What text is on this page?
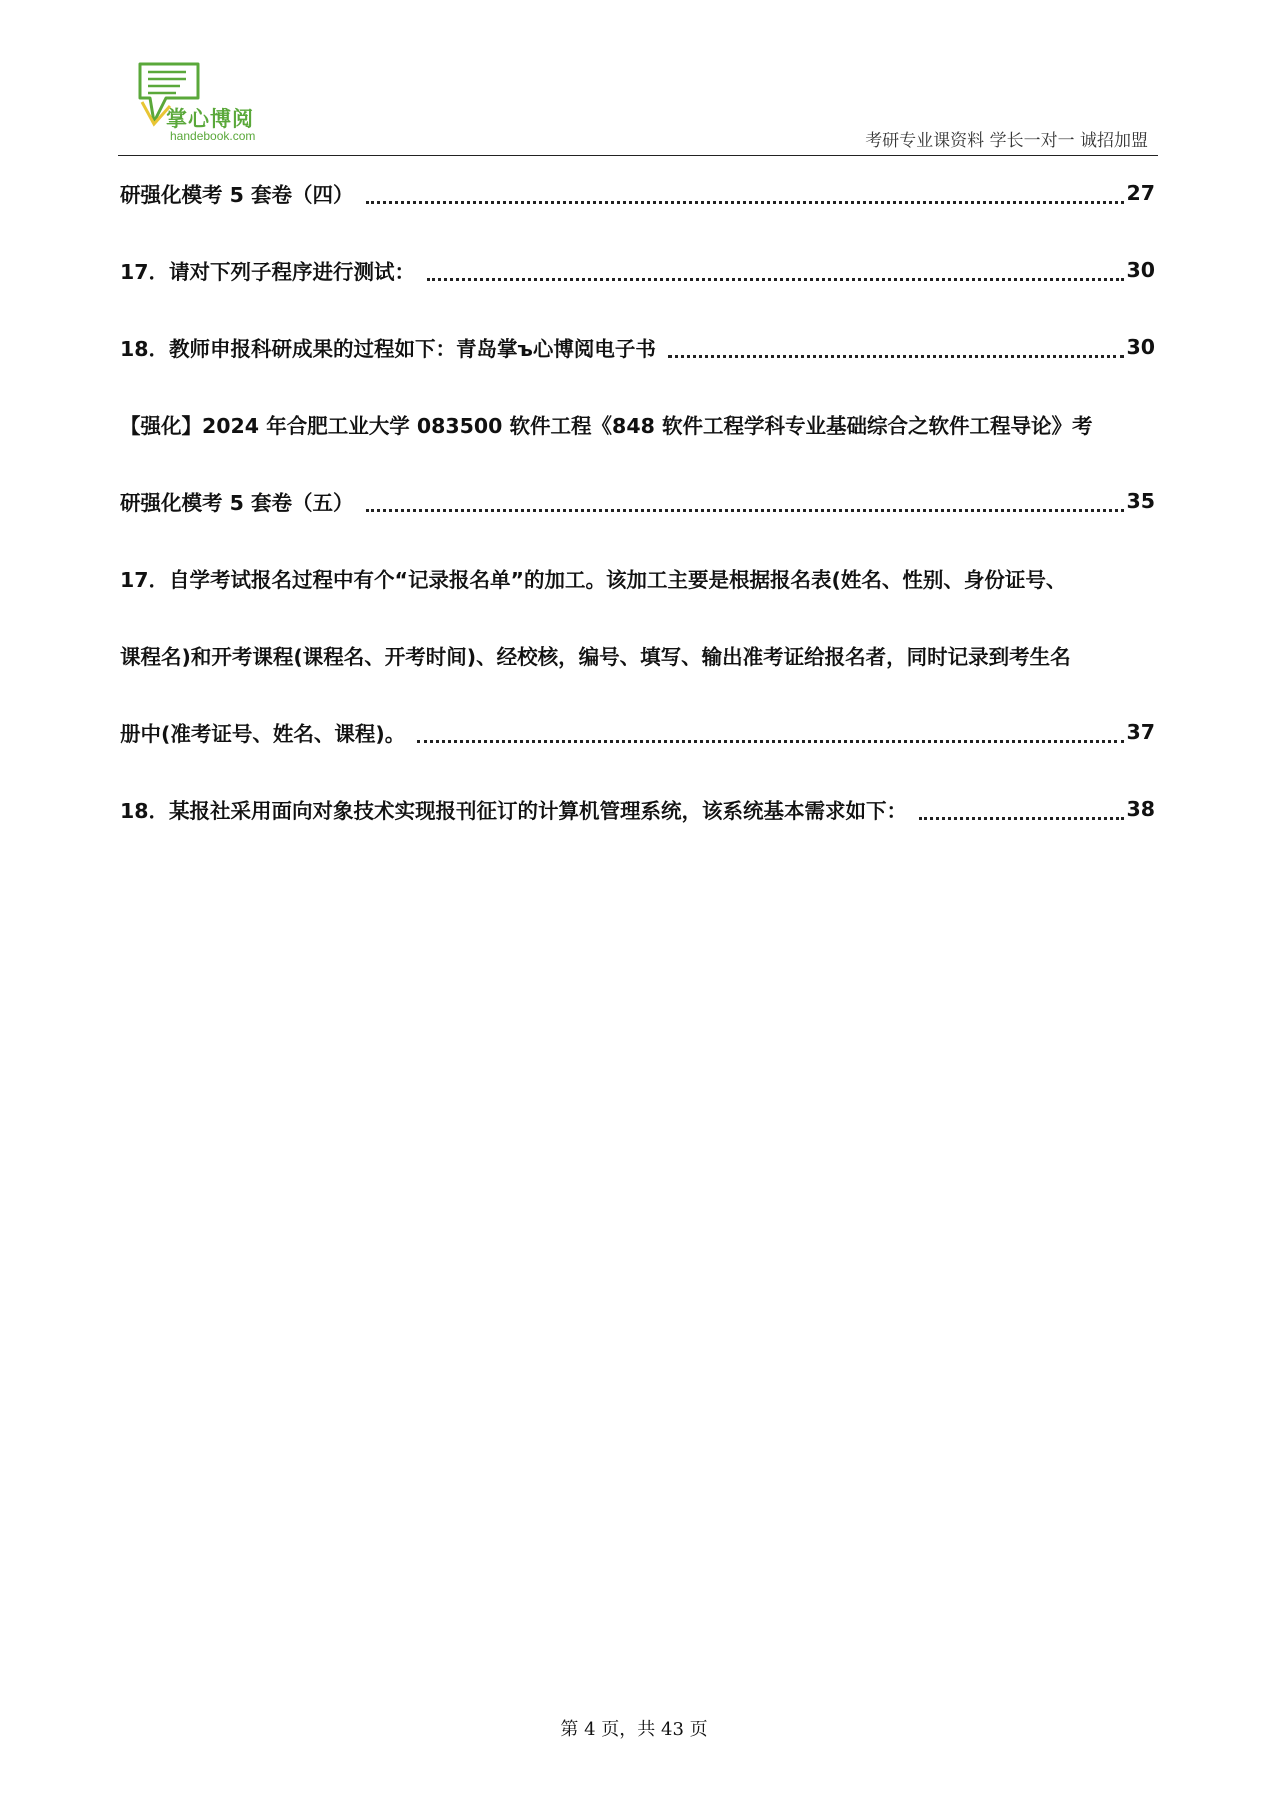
掌心博阅
handebook.com	考研专业课资料 学长一对一 诚招加盟
研强化模考 5 套卷（四）	27
17．请对下列子程序进行测试：	30
18．教师申报科研成果的过程如下：青岛掌ъ心博阅电子书	30
【强化】2024 年合肥工业大学 083500 软件工程《848 软件工程学科专业基础综合之软件工程导论》考
研强化模考 5 套卷（五）	35
17．自学考试报名过程中有个“记录报名单”的加工。该加工主要是根据报名表(姓名、性别、身份证号、
课程名)和开考课程(课程名、开考时间)、经校核，编号、填写、输出准考证给报名者，同时记录到考生名
册中(准考证号、姓名、课程)。	37
18．某报社采用面向对象技术实现报刊征订的计算机管理系统，该系统基本需求如下：	38
第 4 页，共 43 页
